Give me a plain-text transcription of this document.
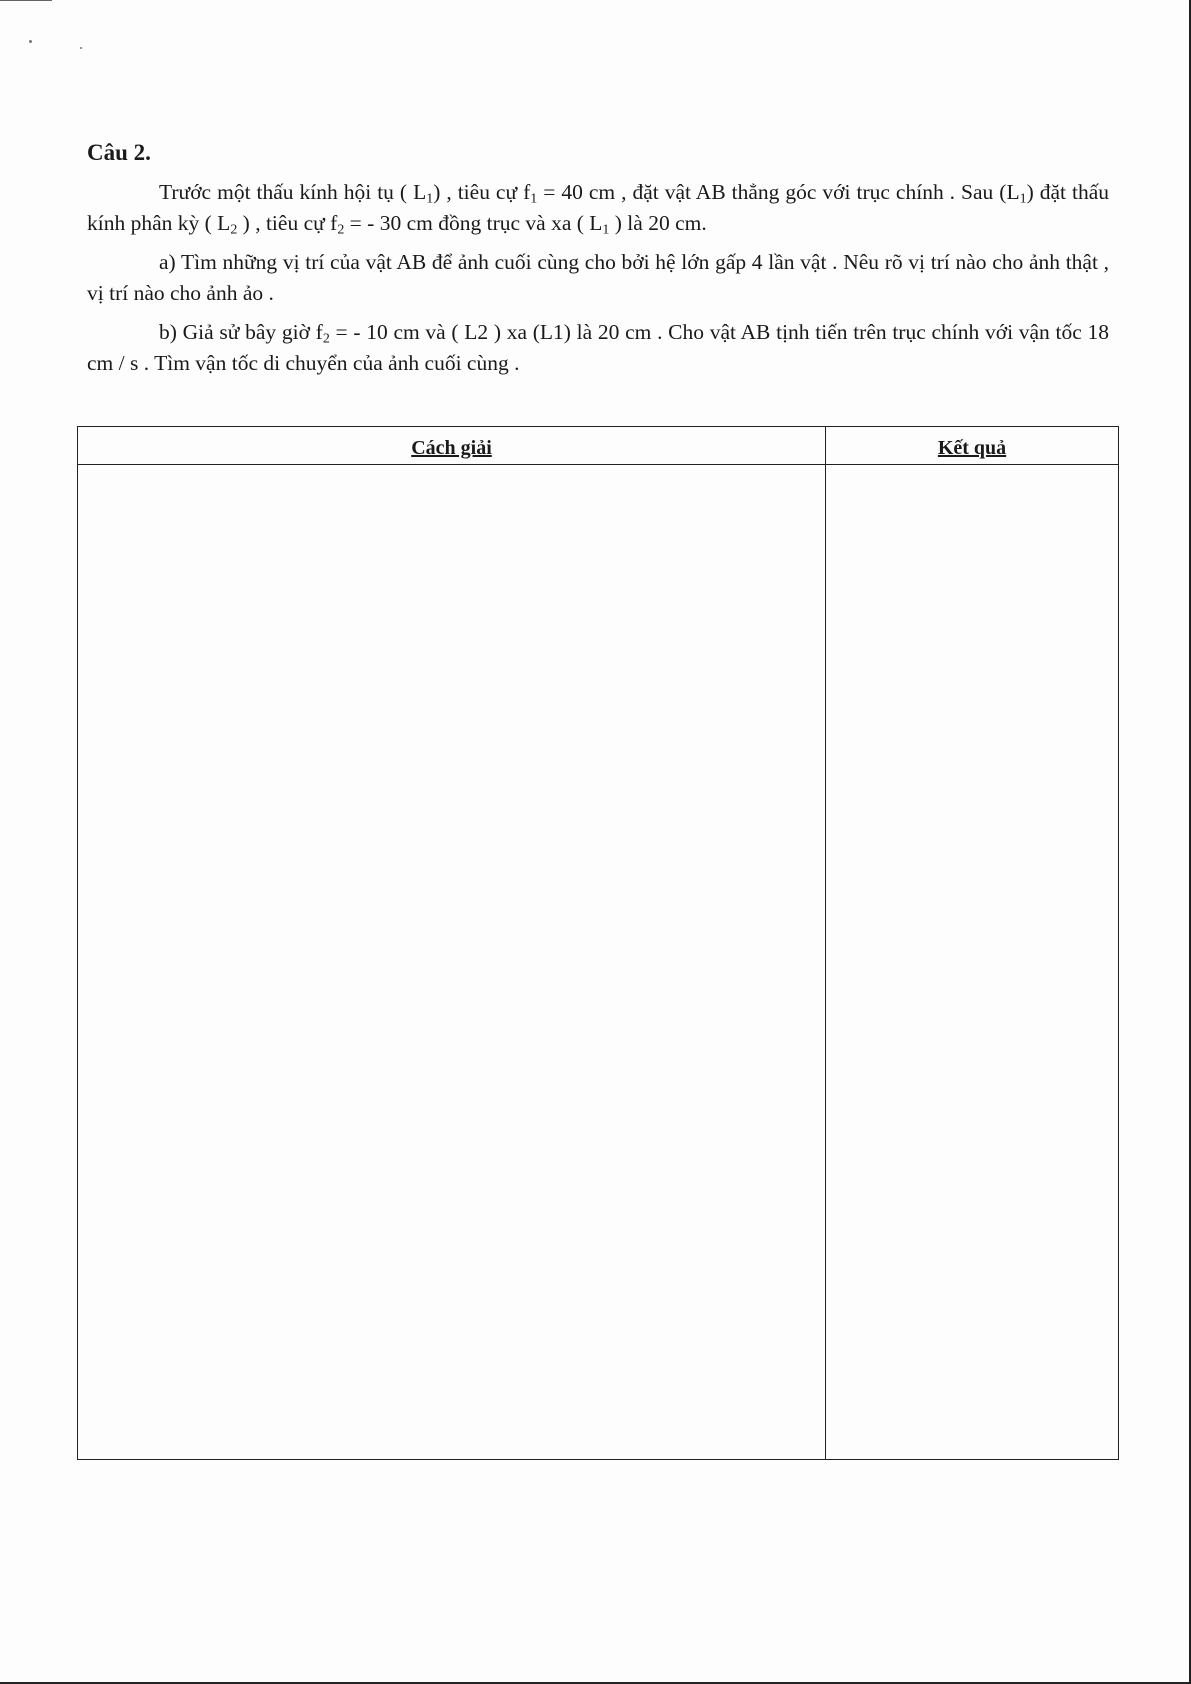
Câu 2.

Trước một thấu kính hội tụ ( $L_1$) , tiêu cự $f_1 = 40$ cm , đặt vật AB thẳng góc với trục chính . Sau $(L_1)$ đặt thấu kính phân kỳ ( $L_2$ ) , tiêu cự $f_2$ = - 30 cm đồng trục và xa ( $L_1$ ) là 20 cm.

a) Tìm những vị trí của vật AB để ảnh cuối cùng cho bởi hệ lớn gấp 4 lần vật . Nêu rõ vị trí nào cho ảnh thật , vị trí nào cho ảnh ảo .

b) Giả sử bây giờ $f_2$ = - 10 cm và ( L2 ) xa (L1) là 20 cm . Cho vật AB tịnh tiến trên trục chính với vận tốc 18 cm / s . Tìm vận tốc di chuyển của ảnh cuối cùng .

Cách giải	Kết quả
